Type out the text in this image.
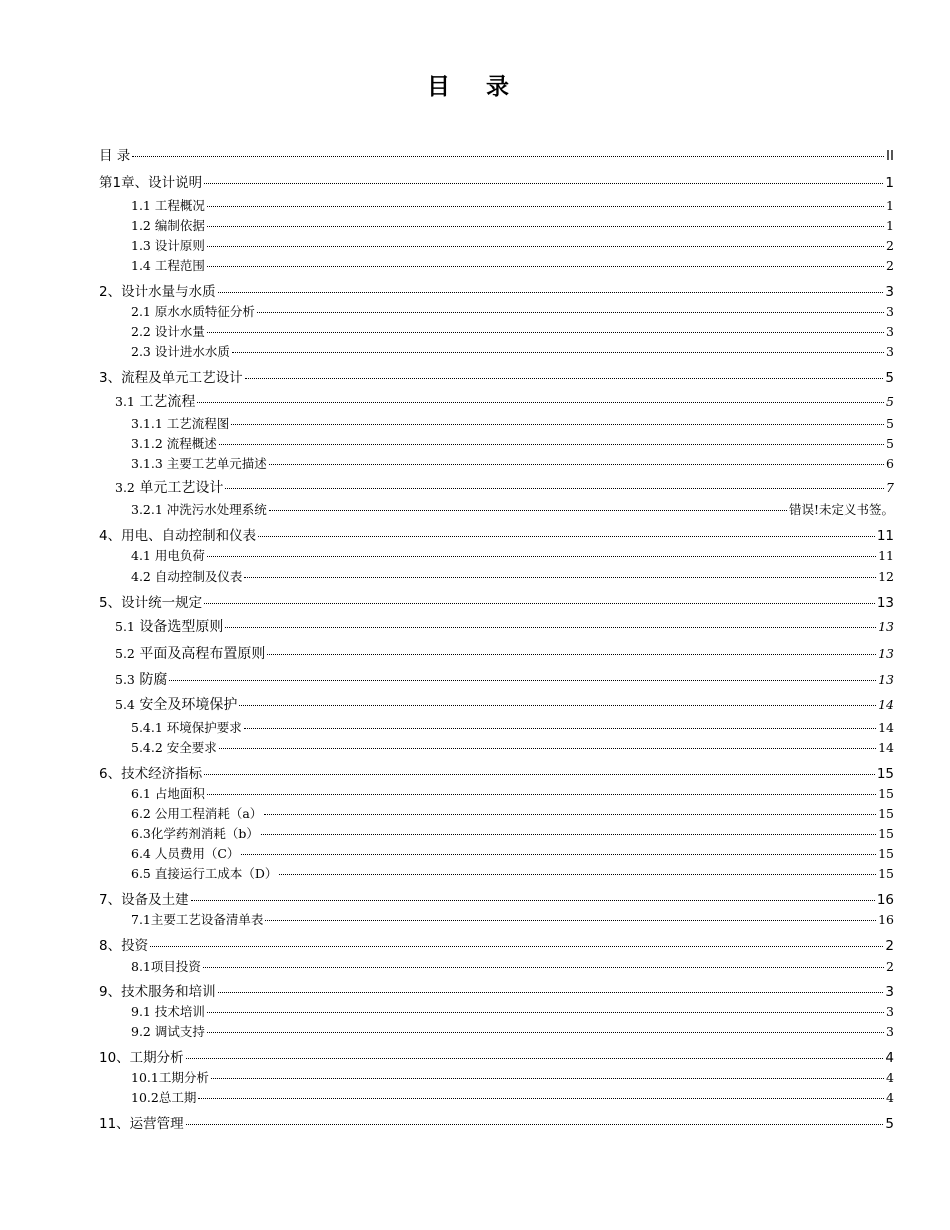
目 录
目 录	II
第1章、设计说明	1
1.1 工程概况	1
1.2 编制依据	1
1.3 设计原则	2
1.4 工程范围	2
2、设计水量与水质	3
2.1 原水水质特征分析	3
2.2 设计水量	3
2.3 设计进水水质	3
3、流程及单元工艺设计	5
3.1 工艺流程	5
3.1.1 工艺流程图	5
3.1.2 流程概述	5
3.1.3 主要工艺单元描述	6
3.2 单元工艺设计	7
3.2.1 冲洗污水处理系统	错误!未定义书签。
4、用电、自动控制和仪表	11
4.1 用电负荷	11
4.2 自动控制及仪表	12
5、设计统一规定	13
5.1 设备选型原则	13
5.2 平面及高程布置原则	13
5.3 防腐	13
5.4 安全及环境保护	14
5.4.1 环境保护要求	14
5.4.2 安全要求	14
6、技术经济指标	15
6.1 占地面积	15
6.2 公用工程消耗（a）	15
6.3化学药剂消耗（b）	15
6.4 人员费用（C）	15
6.5 直接运行工成本（D）	15
7、设备及土建	16
7.1主要工艺设备清单表	16
8、投资	2
8.1项目投资	2
9、技术服务和培训	3
9.1 技术培训	3
9.2 调试支持	3
10、工期分析	4
10.1工期分析	4
10.2总工期	4
11、运营管理	5
